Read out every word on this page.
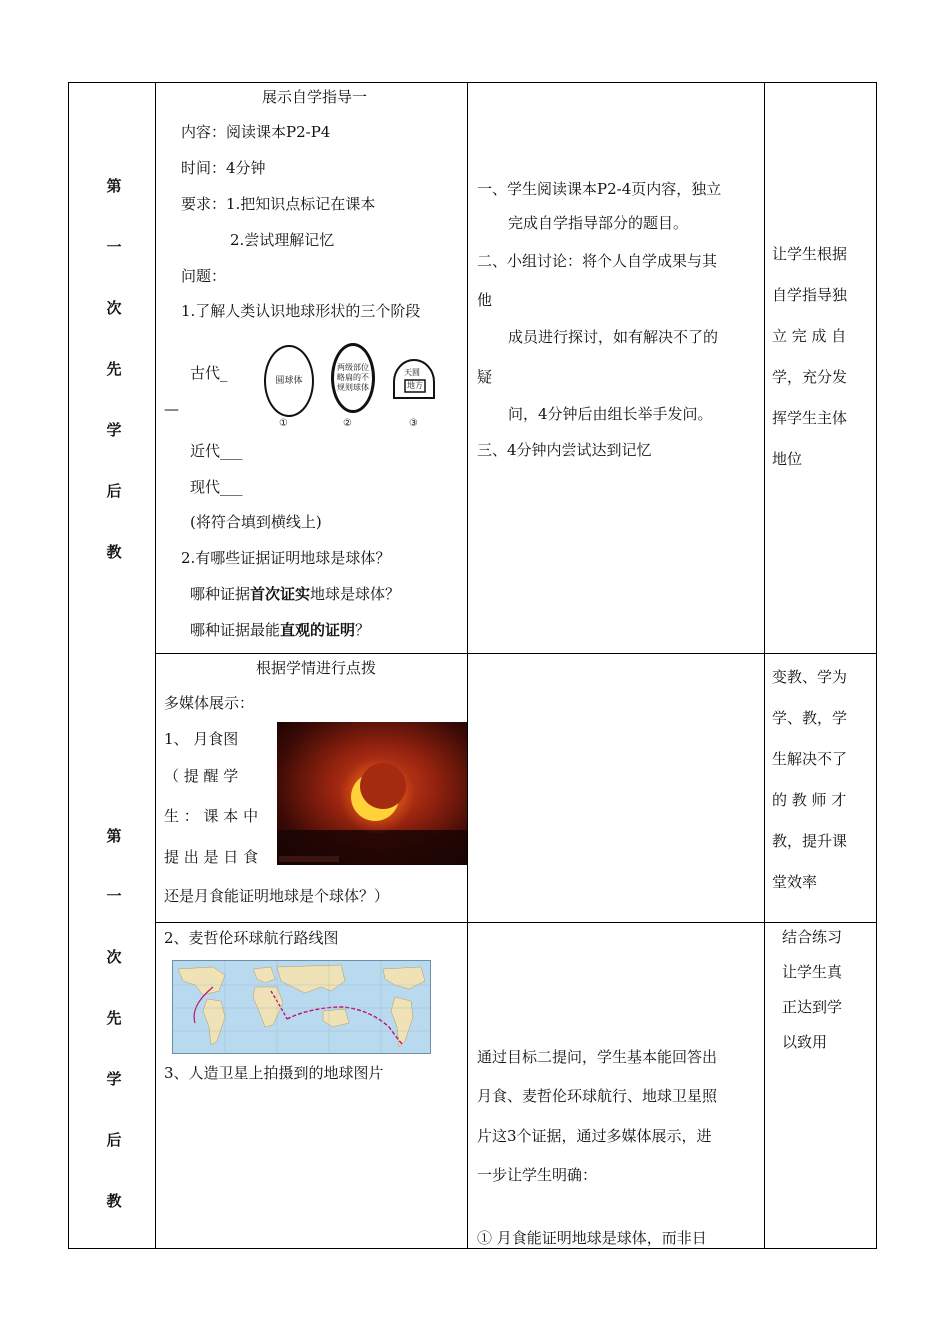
第
一
次
先
学
后
教
第
一
次
先
学
后
教
展示自学指导一
内容：阅读课本P2-P4
时间：4分钟
要求：1.把知识点标记在课本
2.尝试理解记忆
问题：
1.了解人类认识地球形状的三个阶段
古代_
—
圆球体
两级部位略扁的不规则球体
天圆
地方
①	②	③
近代___
现代___
(将符合填到横线上)
2.有哪些证据证明地球是球体？
哪种证据首次证实地球是球体？
哪种证据最能直观的证明？
一、学生阅读课本P2-4页内容，独立
完成自学指导部分的题目。
二、小组讨论：将个人自学成果与其
他
成员进行探讨，如有解决不了的
疑
问，4分钟后由组长举手发问。
三、4分钟内尝试达到记忆
让学生根据
自学指导独
立 完 成 自
学，充分发
挥学生主体
地位
根据学情进行点拨
多媒体展示：
1、 月食图
（ 提 醒 学
生 ： 课 本 中
提 出 是 日 食
还是月食能证明地球是个球体？）
变教、学为
学、教，学
生解决不了
的 教 师 才
教，提升课
堂效率
2、麦哲伦环球航行路线图
3、人造卫星上拍摄到的地球图片
通过目标二提问，学生基本能回答出
月食、麦哲伦环球航行、地球卫星照
片这3个证据，通过多媒体展示，进
一步让学生明确：
① 月食能证明地球是球体，而非日
结合练习
让学生真
正达到学
以致用
